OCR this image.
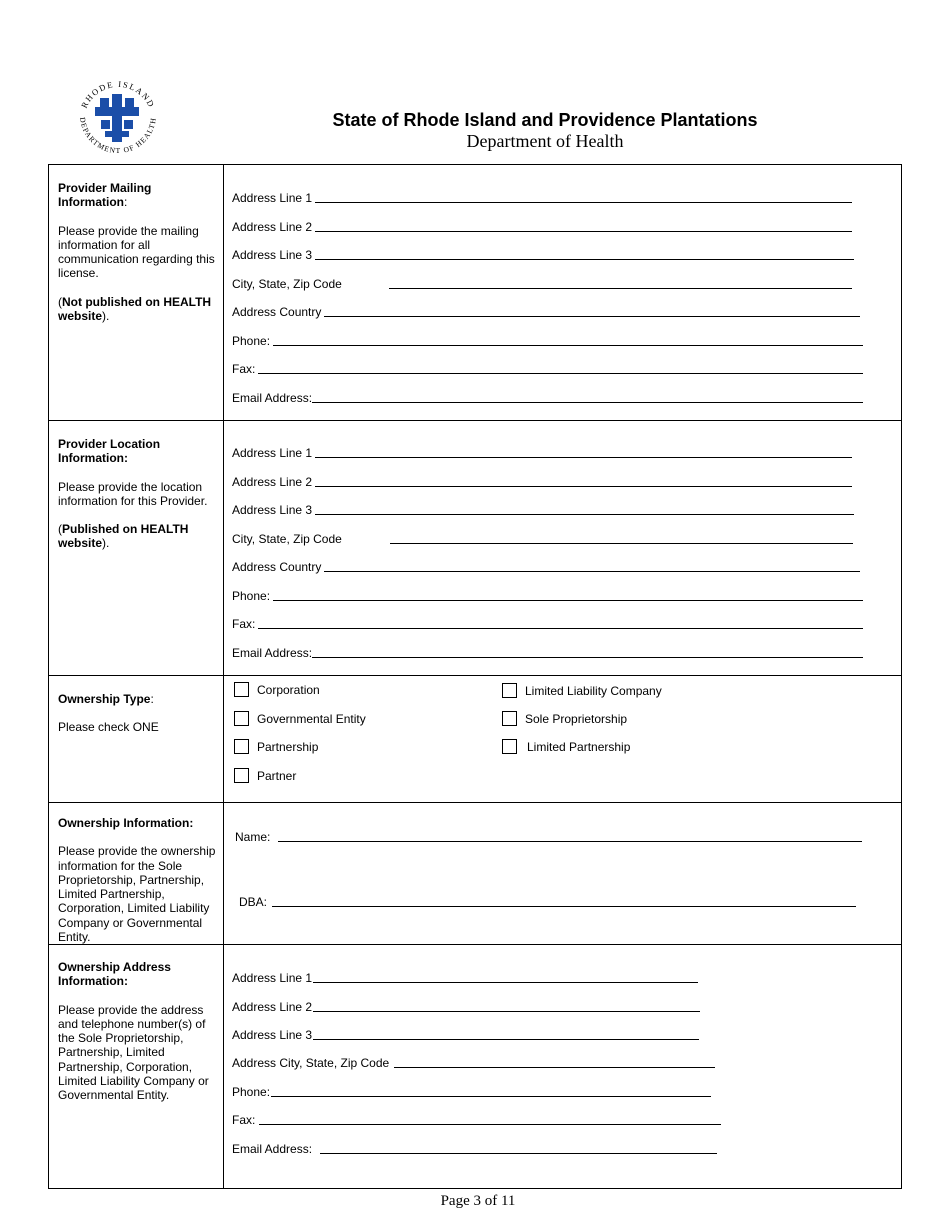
RHODE ISLAND
DEPARTMENT OF HEALTH	State of Rhode Island and Providence Plantations
Department of Health

Provider Mailing Information:

Please provide the mailing information for all communication regarding this license.

(Not published on HEALTH website).

Address Line 1
Address Line 2
Address Line 3
City, State, Zip Code
Address Country
Phone:
Fax:
Email Address:

Provider Location Information:

Please provide the location information for this Provider.

(Published on HEALTH website).

Address Line 1
Address Line 2
Address Line 3
City, State, Zip Code
Address Country
Phone:
Fax:
Email Address:

Ownership Type:

Please check ONE

Corporation
Governmental Entity
Partnership
Partner
Limited Liability Company
Sole Proprietorship
Limited Partnership

Ownership Information:

Please provide the ownership information for the Sole Proprietorship, Partnership, Limited Partnership, Corporation, Limited Liability Company or Governmental Entity.

Name:
DBA:

Ownership Address Information:

Please provide the address and telephone number(s) of the Sole Proprietorship, Partnership, Limited Partnership, Corporation, Limited Liability Company or Governmental Entity.

Address Line 1
Address Line 2
Address Line 3
Address City, State, Zip Code
Phone:
Fax:
Email Address:
Page 3 of 11
